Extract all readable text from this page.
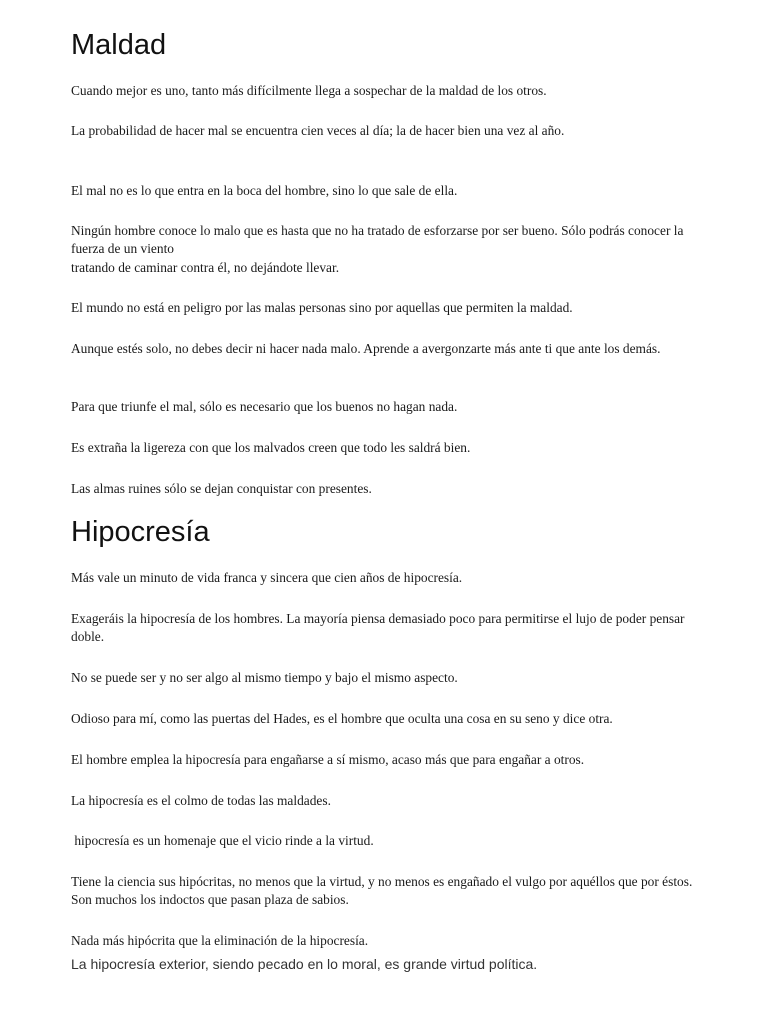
Maldad

Cuando mejor es uno, tanto más difícilmente llega a sospechar de la maldad de los otros.

La probabilidad de hacer mal se encuentra cien veces al día; la de hacer bien una vez al año.

El mal no es lo que entra en la boca del hombre, sino lo que sale de ella.

Ningún hombre conoce lo malo que es hasta que no ha tratado de esforzarse por ser bueno. Sólo podrás conocer la fuerza de un viento

tratando de caminar contra él, no dejándote llevar.

El mundo no está en peligro por las malas personas sino por aquellas que permiten la maldad.

Aunque estés solo, no debes decir ni hacer nada malo. Aprende a avergonzarte más ante ti que ante los demás.

Para que triunfe el mal, sólo es necesario que los buenos no hagan nada.

Es extraña la ligereza con que los malvados creen que todo les saldrá bien.

Las almas ruines sólo se dejan conquistar con presentes.

Hipocresía

Más vale un minuto de vida franca y sincera que cien años de hipocresía.

Exageráis la hipocresía de los hombres. La mayoría piensa demasiado poco para permitirse el lujo de poder pensar doble.

No se puede ser y no ser algo al mismo tiempo y bajo el mismo aspecto.

Odioso para mí, como las puertas del Hades, es el hombre que oculta una cosa en su seno y dice otra.

El hombre emplea la hipocresía para engañarse a sí mismo, acaso más que para engañar a otros.

La hipocresía es el colmo de todas las maldades.

hipocresía es un homenaje que el vicio rinde a la virtud.

Tiene la ciencia sus hipócritas, no menos que la virtud, y no menos es engañado el vulgo por aquéllos que por éstos. Son muchos los indoctos que pasan plaza de sabios.

Nada más hipócrita que la eliminación de la hipocresía.

La hipocresía exterior, siendo pecado en lo moral, es grande virtud política.
